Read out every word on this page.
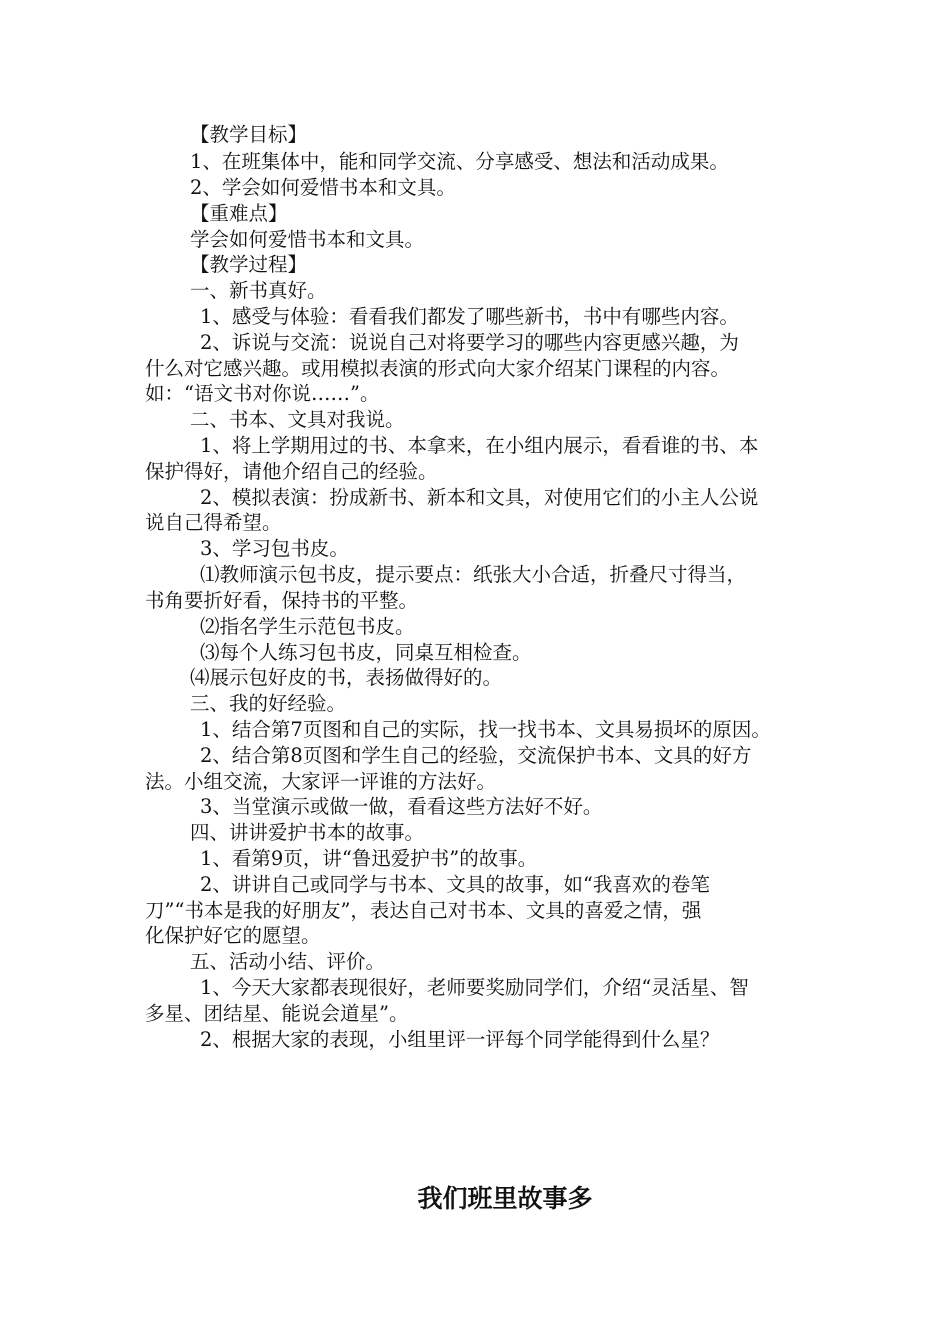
【教学目标】
1、在班集体中，能和同学交流、分享感受、想法和活动成果。
2、学会如何爱惜书本和文具。
【重难点】
学会如何爱惜书本和文具。
【教学过程】
一、新书真好。
1、感受与体验：看看我们都发了哪些新书，书中有哪些内容。
2、诉说与交流：说说自己对将要学习的哪些内容更感兴趣，为
什么对它感兴趣。或用模拟表演的形式向大家介绍某门课程的内容。
如：“语文书对你说……”。
二、书本、文具对我说。
1、将上学期用过的书、本拿来，在小组内展示，看看谁的书、本
保护得好，请他介绍自己的经验。
2、模拟表演：扮成新书、新本和文具，对使用它们的小主人公说
说自己得希望。
3、学习包书皮。
⑴教师演示包书皮，提示要点：纸张大小合适，折叠尺寸得当，
书角要折好看，保持书的平整。
⑵指名学生示范包书皮。
⑶每个人练习包书皮，同桌互相检查。
⑷展示包好皮的书，表扬做得好的。
三、我的好经验。
1、结合第7页图和自己的实际，找一找书本、文具易损坏的原因。
2、结合第8页图和学生自己的经验，交流保护书本、文具的好方
法。小组交流，大家评一评谁的方法好。
3、当堂演示或做一做，看看这些方法好不好。
四、讲讲爱护书本的故事。
1、看第9页，讲“鲁迅爱护书”的故事。
2、讲讲自己或同学与书本、文具的故事，如“我喜欢的卷笔
刀”“书本是我的好朋友”，表达自己对书本、文具的喜爱之情，强
化保护好它的愿望。
五、活动小结、评价。
1、今天大家都表现很好，老师要奖励同学们，介绍“灵活星、智
多星、团结星、能说会道星”。
2、根据大家的表现，小组里评一评每个同学能得到什么星？
我们班里故事多
